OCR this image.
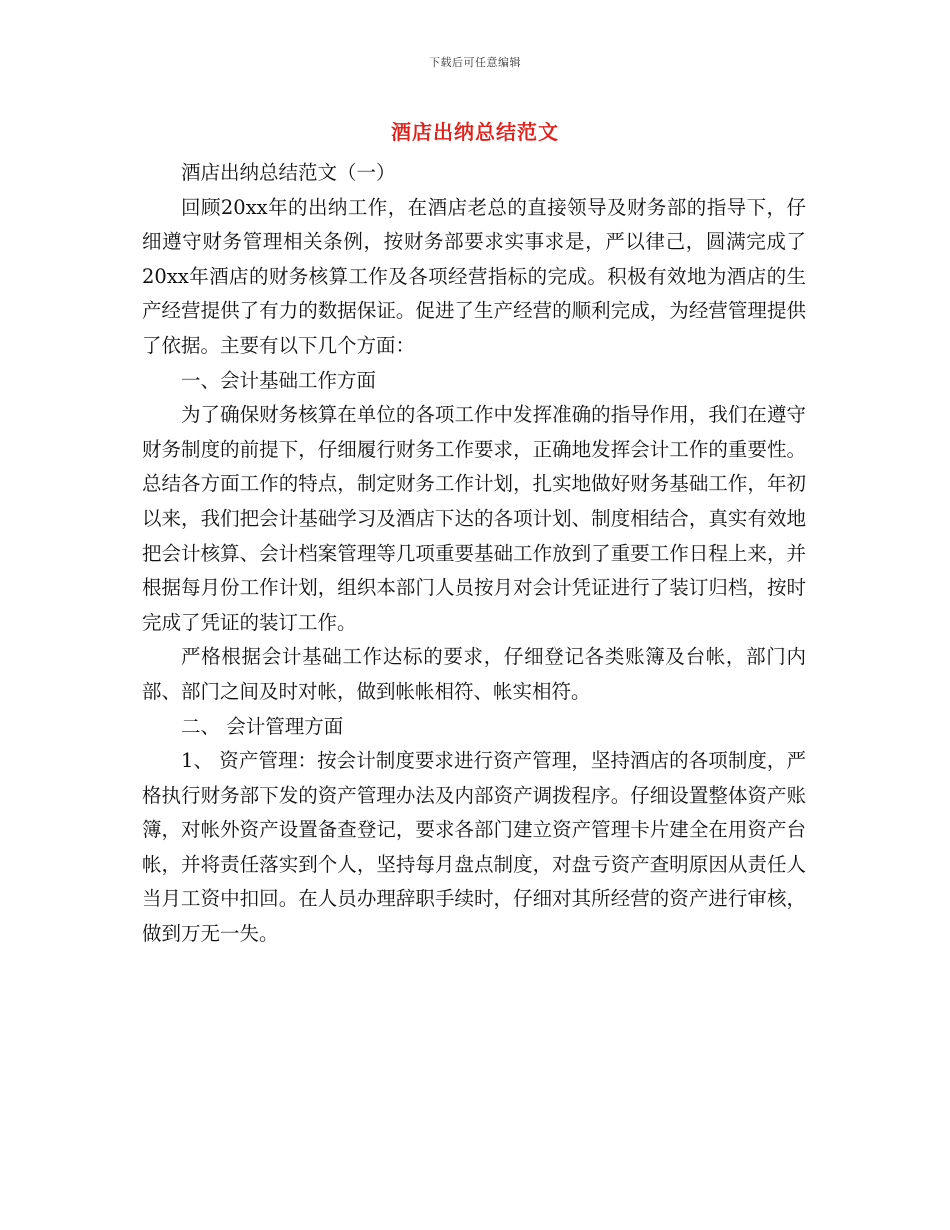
下载后可任意编辑
酒店出纳总结范文

酒店出纳总结范文（一）

回顾20xx年的出纳工作，在酒店老总的直接领导及财务部的指导下，仔细遵守财务管理相关条例，按财务部要求实事求是，严以律己，圆满完成了20xx年酒店的财务核算工作及各项经营指标的完成。积极有效地为酒店的生产经营提供了有力的数据保证。促进了生产经营的顺利完成，为经营管理提供了依据。主要有以下几个方面：

一、会计基础工作方面

为了确保财务核算在单位的各项工作中发挥准确的指导作用，我们在遵守财务制度的前提下，仔细履行财务工作要求，正确地发挥会计工作的重要性。总结各方面工作的特点，制定财务工作计划，扎实地做好财务基础工作，年初以来，我们把会计基础学习及酒店下达的各项计划、制度相结合，真实有效地把会计核算、会计档案管理等几项重要基础工作放到了重要工作日程上来，并根据每月份工作计划，组织本部门人员按月对会计凭证进行了装订归档，按时完成了凭证的装订工作。

严格根据会计基础工作达标的要求，仔细登记各类账簿及台帐，部门内部、部门之间及时对帐，做到帐帐相符、帐实相符。

二、 会计管理方面

1、 资产管理：按会计制度要求进行资产管理，坚持酒店的各项制度，严格执行财务部下发的资产管理办法及内部资产调拨程序。仔细设置整体资产账簿，对帐外资产设置备查登记，要求各部门建立资产管理卡片建全在用资产台帐，并将责任落实到个人，坚持每月盘点制度，对盘亏资产查明原因从责任人当月工资中扣回。在人员办理辞职手续时，仔细对其所经营的资产进行审核，做到万无一失。
